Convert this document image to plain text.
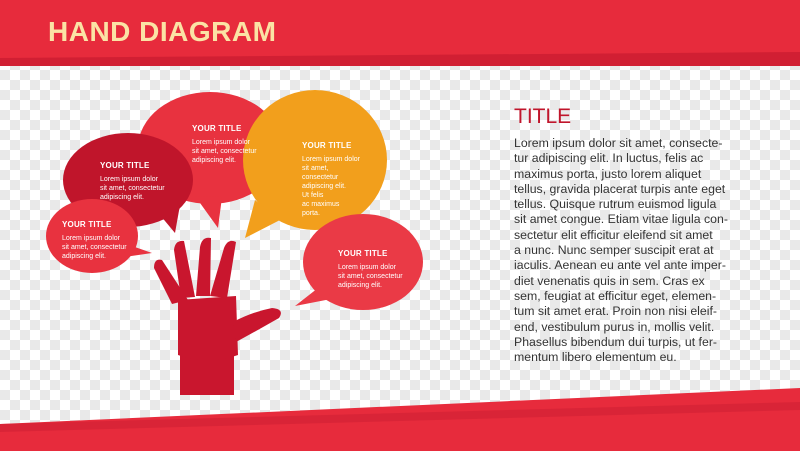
HAND DIAGRAM
YOUR TITLE
Lorem ipsum dolor
sit amet, consectetur
adipiscing elit.
YOUR TITLE
Lorem ipsum dolor
sit amet, consectetur
adipiscing elit.
YOUR TITLE
Lorem ipsum dolor
sit amet, consectetur
adipiscing elit.
YOUR TITLE
Lorem ipsum dolor
sit amet,
consectetur
adipiscing elit.
Ut felis
ac maximus
porta.
YOUR TITLE
Lorem ipsum dolor
sit amet, consectetur
adipiscing elit.
TITLE
Lorem ipsum dolor sit amet, consecte-
tur adipiscing elit. In luctus, felis ac
maximus porta, justo lorem aliquet
tellus, gravida placerat turpis ante eget
tellus. Quisque rutrum euismod ligula
sit amet congue. Etiam vitae ligula con-
sectetur elit efficitur eleifend sit amet
a nunc. Nunc semper suscipit erat at
iaculis. Aenean eu ante vel ante imper-
diet venenatis quis in sem. Cras ex
sem, feugiat at efficitur eget, elemen-
tum sit amet erat. Proin non nisi eleif-
end, vestibulum purus in, mollis velit.
Phasellus bibendum dui turpis, ut fer-
mentum libero elementum eu.
